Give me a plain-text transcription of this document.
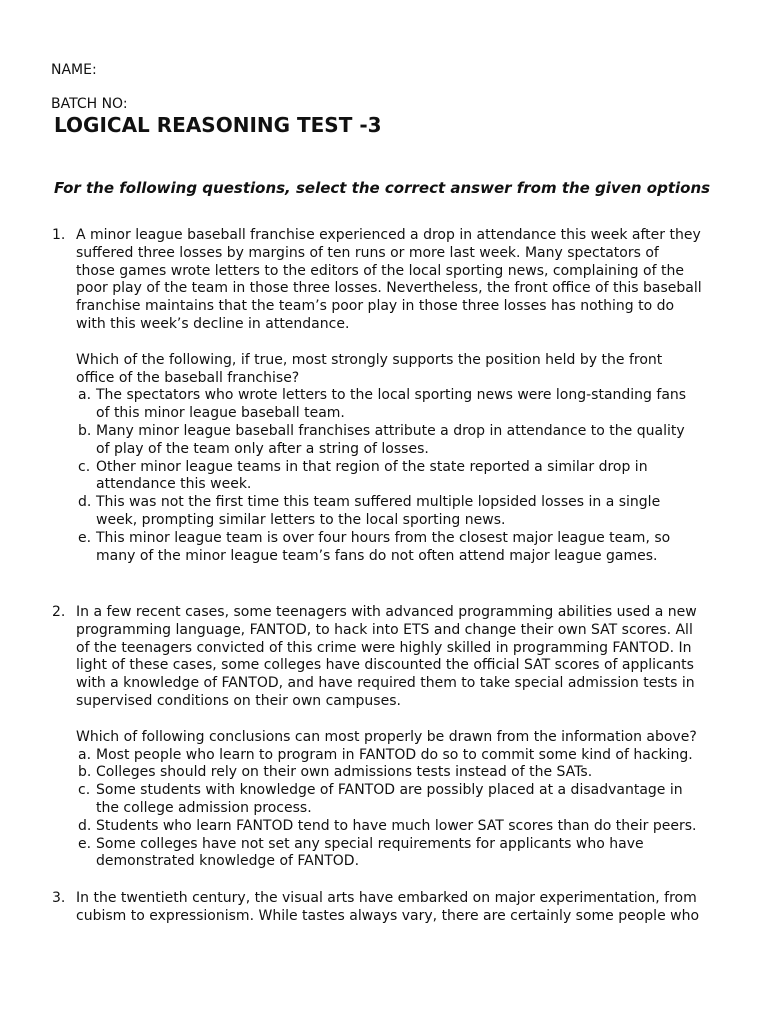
NAME:
BATCH NO:
LOGICAL REASONING TEST -3
For the following questions, select the correct answer from the given options
1. A minor league baseball franchise experienced a drop in attendance this week after they suffered three losses by margins of ten runs or more last week. Many spectators of those games wrote letters to the editors of the local sporting news, complaining of the poor play of the team in those three losses. Nevertheless, the front office of this baseball franchise maintains that the team’s poor play in those three losses has nothing to do with this week’s decline in attendance.

Which of the following, if true, most strongly supports the position held by the front office of the baseball franchise?

a. The spectators who wrote letters to the local sporting news were long-standing fans of this minor league baseball team.
b. Many minor league baseball franchises attribute a drop in attendance to the quality of play of the team only after a string of losses.
c. Other minor league teams in that region of the state reported a similar drop in attendance this week.
d. This was not the first time this team suffered multiple lopsided losses in a single week, prompting similar letters to the local sporting news.
e. This minor league team is over four hours from the closest major league team, so many of the minor league team’s fans do not often attend major league games.
2. In a few recent cases, some teenagers with advanced programming abilities used a new programming language, FANTOD, to hack into ETS and change their own SAT scores. All of the teenagers convicted of this crime were highly skilled in programming FANTOD. In light of these cases, some colleges have discounted the official SAT scores of applicants with a knowledge of FANTOD, and have required them to take special admission tests in supervised conditions on their own campuses.

Which of following conclusions can most properly be drawn from the information above?

a. Most people who learn to program in FANTOD do so to commit some kind of hacking.
b. Colleges should rely on their own admissions tests instead of the SATs.
c. Some students with knowledge of FANTOD are possibly placed at a disadvantage in the college admission process.
d. Students who learn FANTOD tend to have much lower SAT scores than do their peers.
e. Some colleges have not set any special requirements for applicants who have demonstrated knowledge of FANTOD.
3. In the twentieth century, the visual arts have embarked on major experimentation, from cubism to expressionism. While tastes always vary, there are certainly some people who
